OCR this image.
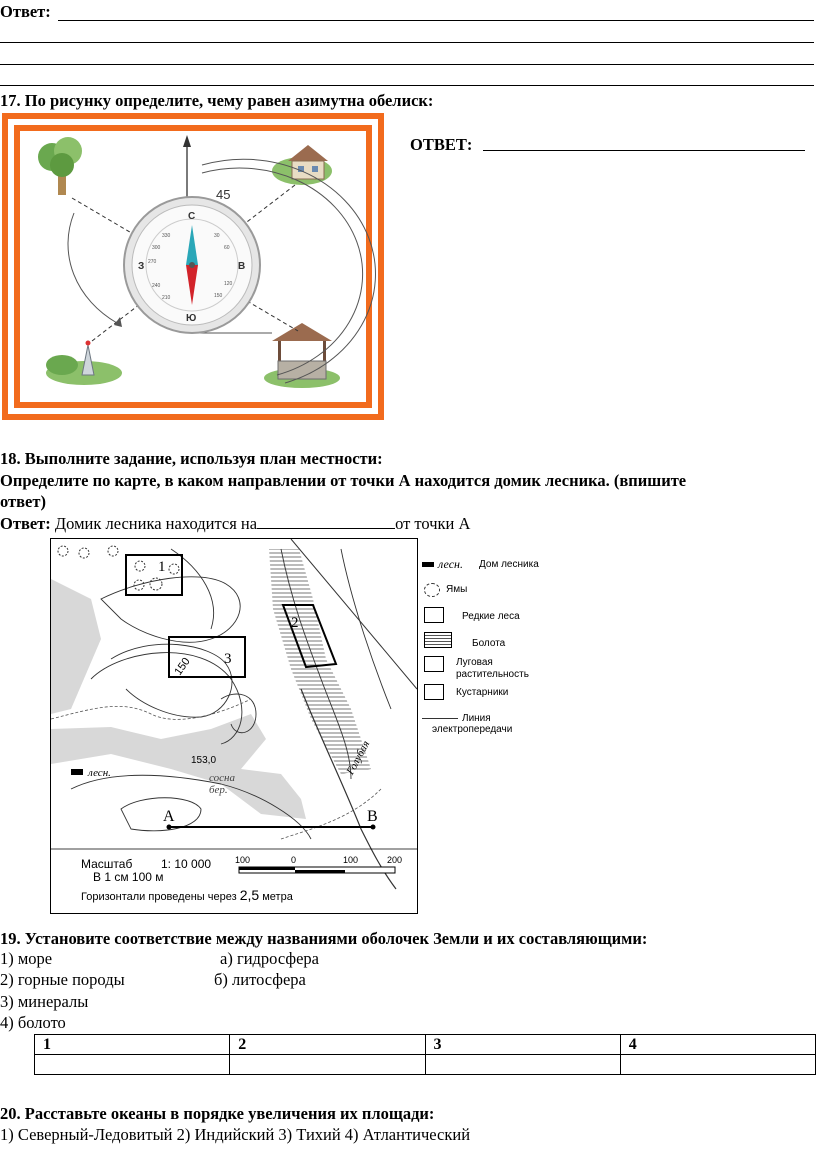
Ответ:
17. По рисунку определите, чему равен азимутна обелиск:
45
С
Ю
З	В
330	30
60
120
150
210
240
270
300
ОТВЕТ:
18. Выполните задание, используя план местности:
Определите по карте, в каком направлении от точки А находится домик лесника. (впишите
ответ)
Ответ: Домик лесника находится на	от точки А
1
2
3
150
лесн.
153,0
сосна
бер.
Голубая
A	B
Масштаб 1: 10 000
В 1 см 100 м
100	0	100	200
Горизонтали проведены через 2,5 метра
лесн. Дом лесника
Ямы
Редкие леса
Болота
Луговая
растительность
Кустарники
Линия
электропередачи
19. Установите соответствие между названиями оболочек Земли и их составляющими:
1) море	а) гидросфера
2) горные породы	б) литосфера
3) минералы
4) болото
1	2	3	4

20. Расставьте океаны в порядке увеличения их площади:
1) Северный-Ледовитый 2) Индийский 3) Тихий 4) Атлантический
